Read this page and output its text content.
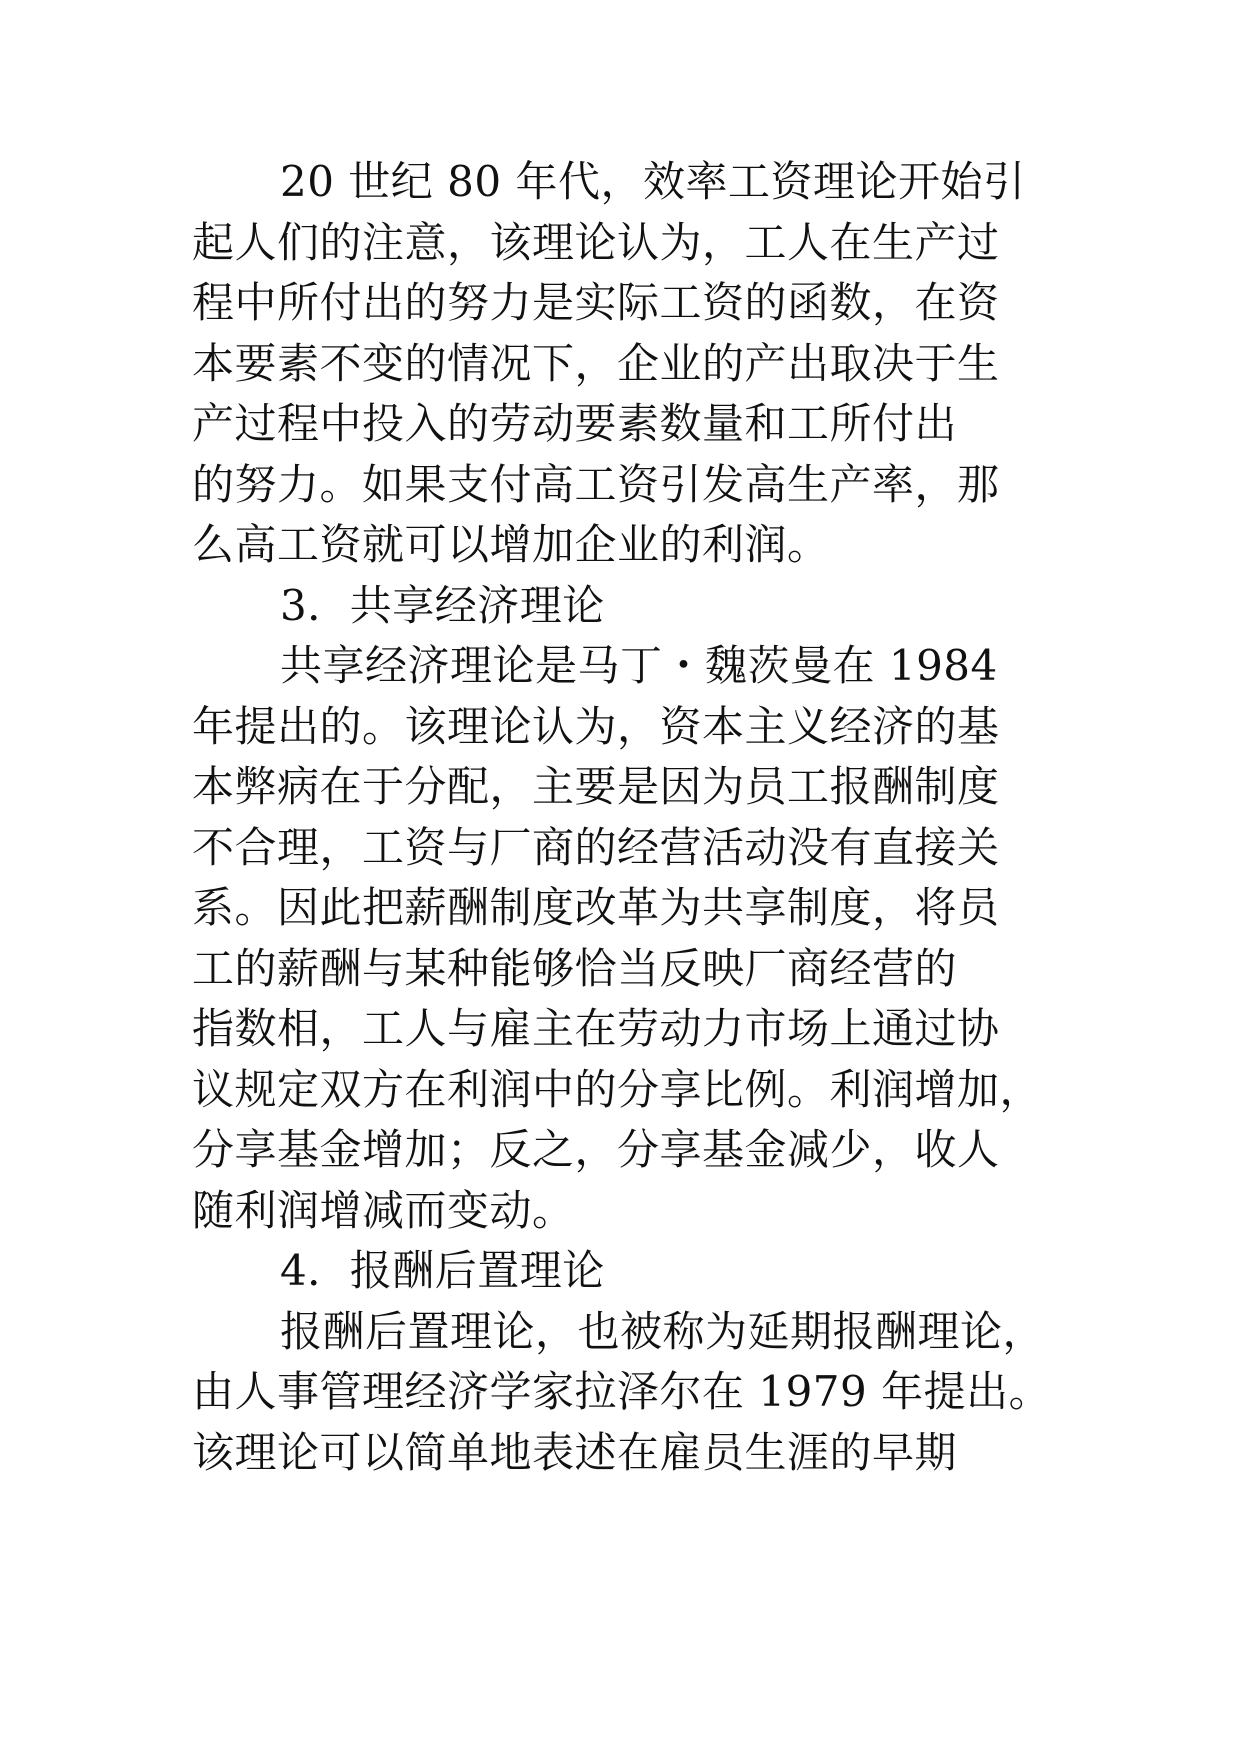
20 世纪 80 年代，效率工资理论开始引
起人们的注意，该理论认为，工人在生产过
程中所付出的努力是实际工资的函数，在资
本要素不变的情况下，企业的产出取决于生
产过程中投入的劳动要素数量和工所付出
的努力。如果支付高工资引发高生产率，那
么高工资就可以增加企业的利润。
3．共享经济理论
共享经济理论是马丁・魏茨曼在 1984
年提出的。该理论认为，资本主义经济的基
本弊病在于分配，主要是因为员工报酬制度
不合理，工资与厂商的经营活动没有直接关
系。因此把薪酬制度改革为共享制度，将员
工的薪酬与某种能够恰当反映厂商经营的
指数相，工人与雇主在劳动力市场上通过协
议规定双方在利润中的分享比例。利润增加，
分享基金增加；反之，分享基金减少，收人
随利润增减而变动。
4．报酬后置理论
报酬后置理论，也被称为延期报酬理论，
由人事管理经济学家拉泽尔在 1979 年提出。
该理论可以简单地表述在雇员生涯的早期
